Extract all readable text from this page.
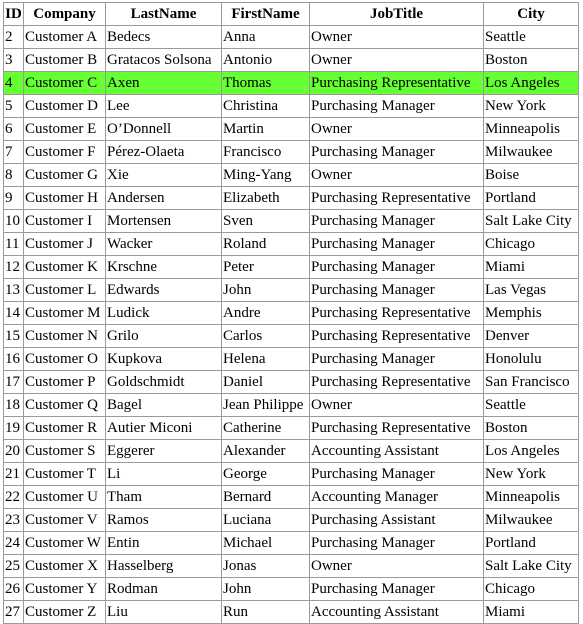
ID	Company	LastName	FirstName	JobTitle	City
2	Customer A	Bedecs	Anna	Owner	Seattle
3	Customer B	Gratacos Solsona	Antonio	Owner	Boston
4	Customer C	Axen	Thomas	Purchasing Representative	Los Angeles
5	Customer D	Lee	Christina	Purchasing Manager	New York
6	Customer E	O’Donnell	Martin	Owner	Minneapolis
7	Customer F	Pérez-Olaeta	Francisco	Purchasing Manager	Milwaukee
8	Customer G	Xie	Ming-Yang	Owner	Boise
9	Customer H	Andersen	Elizabeth	Purchasing Representative	Portland
10	Customer I	Mortensen	Sven	Purchasing Manager	Salt Lake City
11	Customer J	Wacker	Roland	Purchasing Manager	Chicago
12	Customer K	Krschne	Peter	Purchasing Manager	Miami
13	Customer L	Edwards	John	Purchasing Manager	Las Vegas
14	Customer M	Ludick	Andre	Purchasing Representative	Memphis
15	Customer N	Grilo	Carlos	Purchasing Representative	Denver
16	Customer O	Kupkova	Helena	Purchasing Manager	Honolulu
17	Customer P	Goldschmidt	Daniel	Purchasing Representative	San Francisco
18	Customer Q	Bagel	Jean Philippe	Owner	Seattle
19	Customer R	Autier Miconi	Catherine	Purchasing Representative	Boston
20	Customer S	Eggerer	Alexander	Accounting Assistant	Los Angeles
21	Customer T	Li	George	Purchasing Manager	New York
22	Customer U	Tham	Bernard	Accounting Manager	Minneapolis
23	Customer V	Ramos	Luciana	Purchasing Assistant	Milwaukee
24	Customer W	Entin	Michael	Purchasing Manager	Portland
25	Customer X	Hasselberg	Jonas	Owner	Salt Lake City
26	Customer Y	Rodman	John	Purchasing Manager	Chicago
27	Customer Z	Liu	Run	Accounting Assistant	Miami
